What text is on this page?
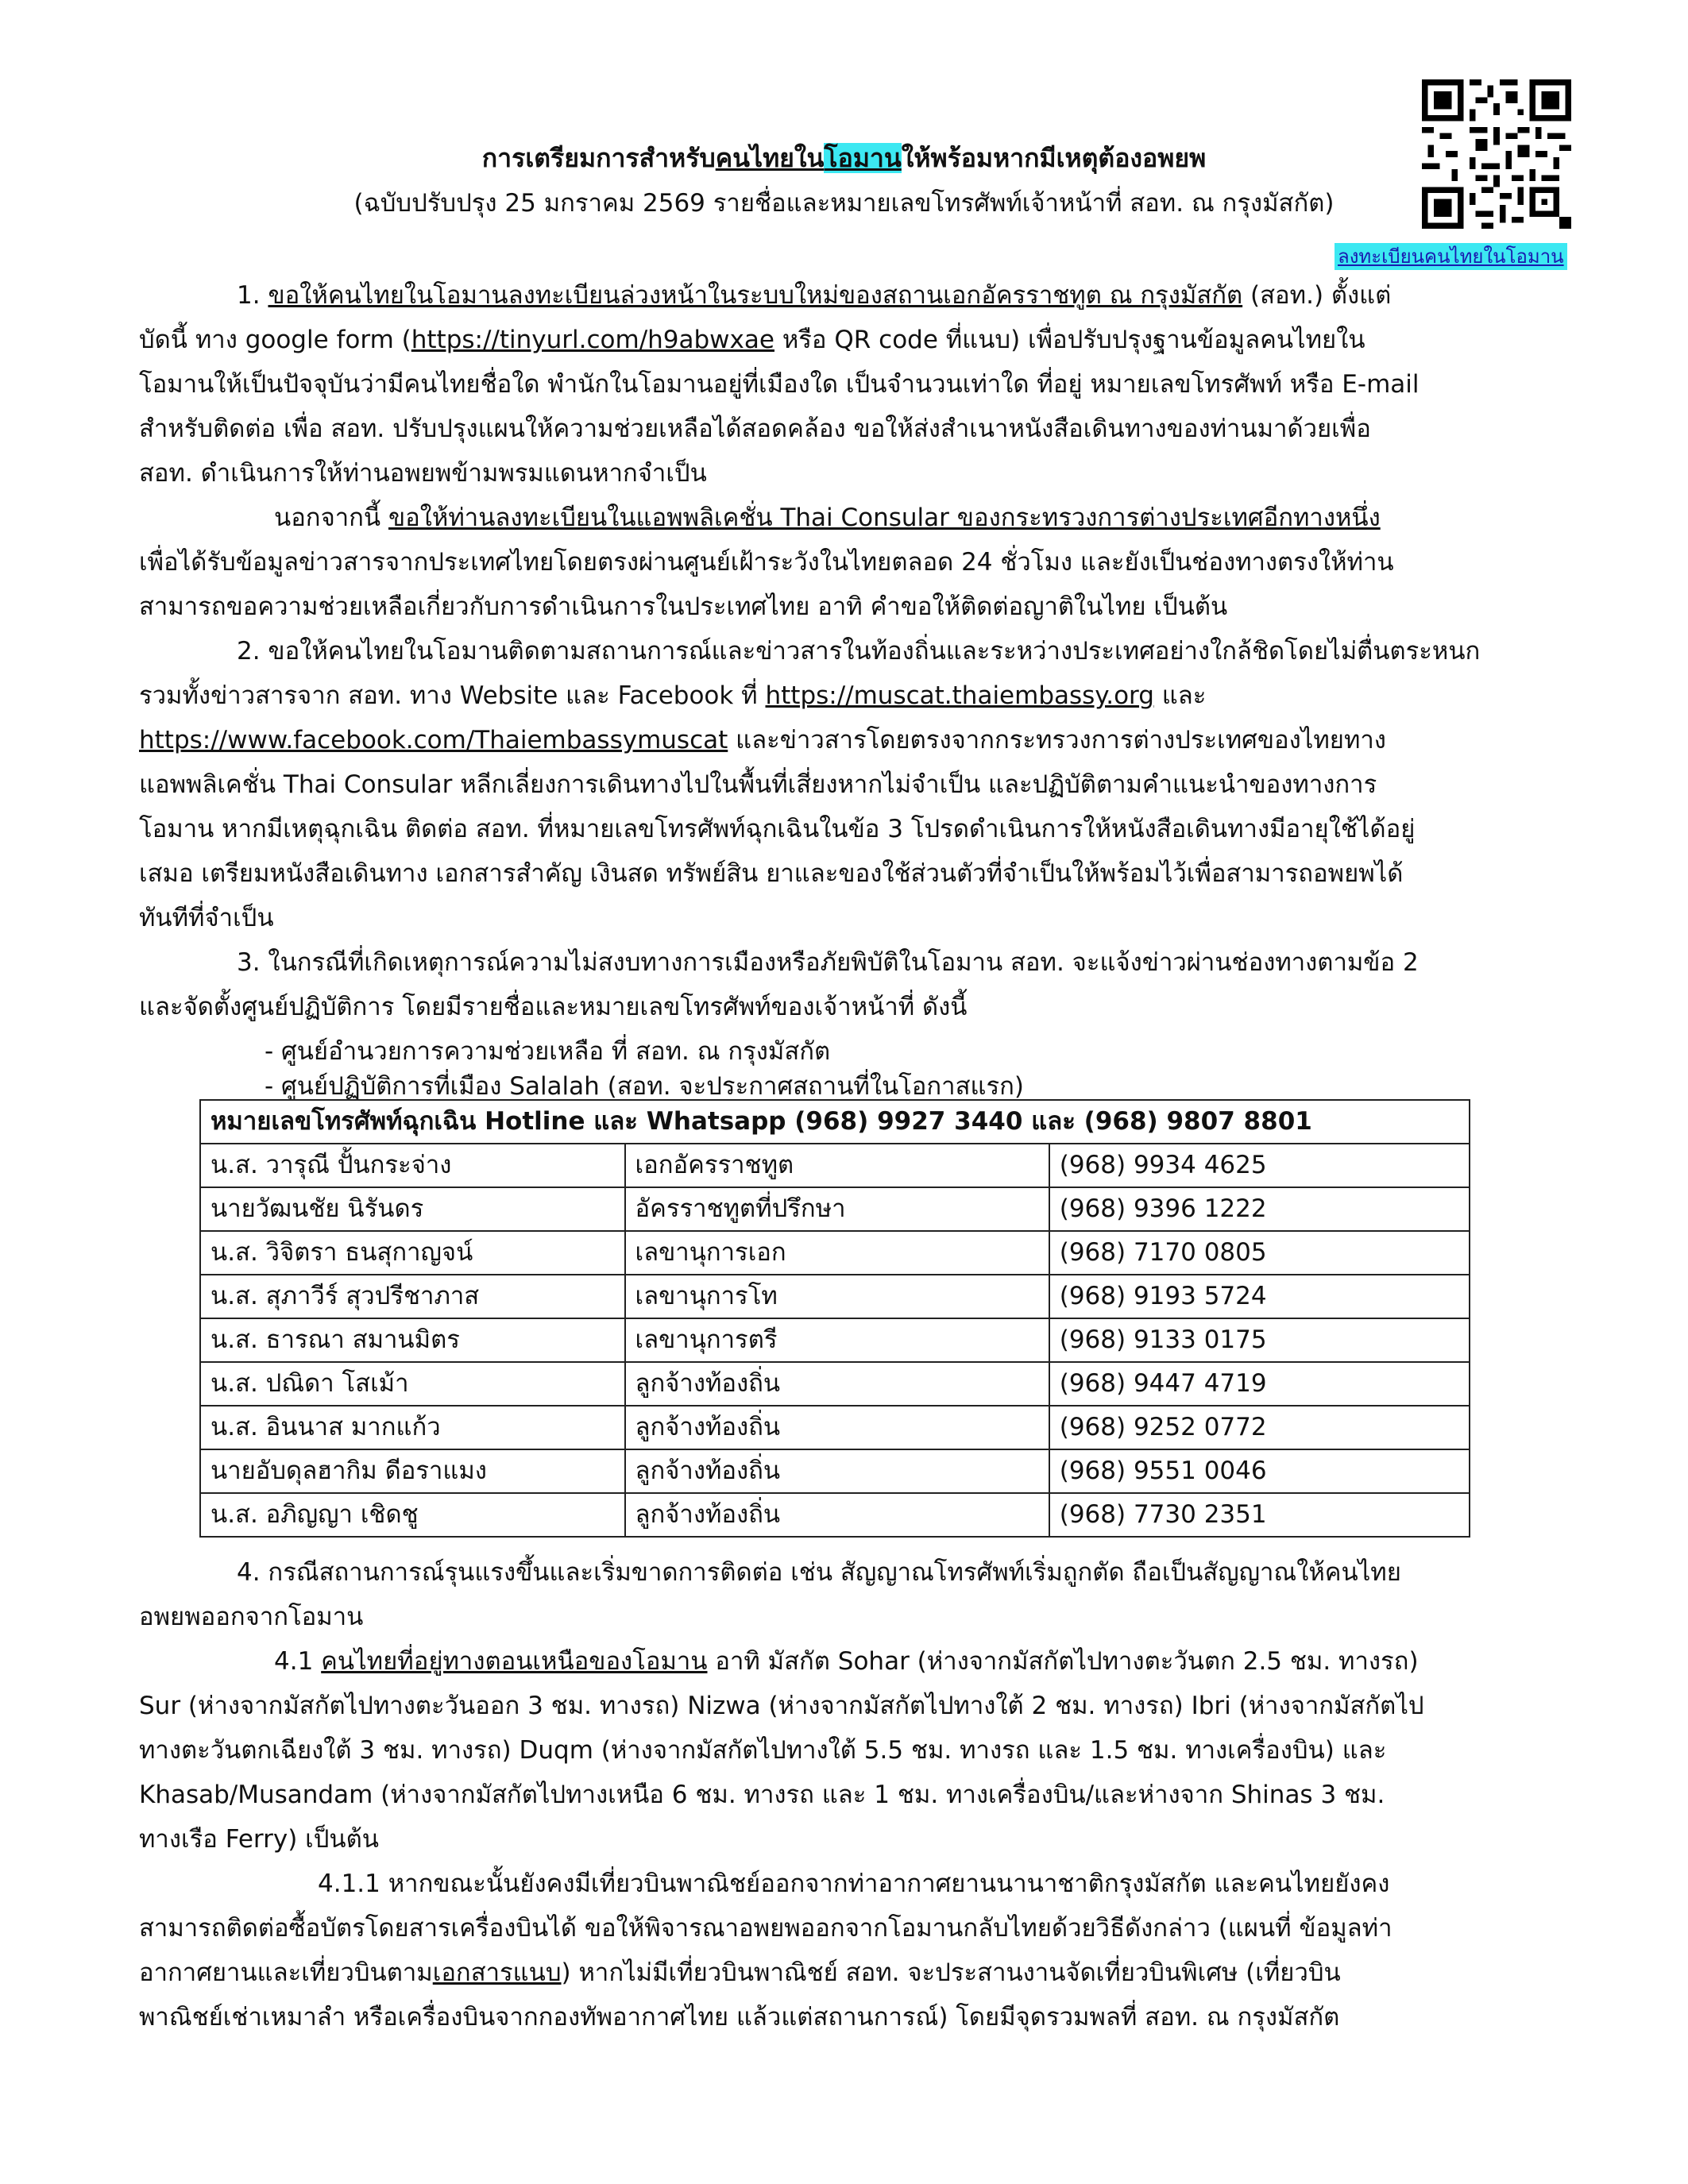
ลงทะเบียนคนไทยในโอมาน
การเตรียมการสำหรับคนไทยในโอมานให้พร้อมหากมีเหตุต้องอพยพ
(ฉบับปรับปรุง 25 มกราคม 2569 รายชื่อและหมายเลขโทรศัพท์เจ้าหน้าที่ สอท. ณ กรุงมัสกัต)
1. ขอให้คนไทยในโอมานลงทะเบียนล่วงหน้าในระบบใหม่ของสถานเอกอัครราชทูต ณ กรุงมัสกัต (สอท.) ตั้งแต่
บัดนี้ ทาง google form (https://tinyurl.com/h9abwxae หรือ QR code ที่แนบ) เพื่อปรับปรุงฐานข้อมูลคนไทยใน
โอมานให้เป็นปัจจุบันว่ามีคนไทยชื่อใด พำนักในโอมานอยู่ที่เมืองใด เป็นจำนวนเท่าใด ที่อยู่ หมายเลขโทรศัพท์ หรือ E-mail
สำหรับติดต่อ เพื่อ สอท. ปรับปรุงแผนให้ความช่วยเหลือได้สอดคล้อง ขอให้ส่งสำเนาหนังสือเดินทางของท่านมาด้วยเพื่อ
สอท. ดำเนินการให้ท่านอพยพข้ามพรมแดนหากจำเป็น
นอกจากนี้ ขอให้ท่านลงทะเบียนในแอพพลิเคชั่น Thai Consular ของกระทรวงการต่างประเทศอีกทางหนึ่ง
เพื่อได้รับข้อมูลข่าวสารจากประเทศไทยโดยตรงผ่านศูนย์เฝ้าระวังในไทยตลอด 24 ชั่วโมง และยังเป็นช่องทางตรงให้ท่าน
สามารถขอความช่วยเหลือเกี่ยวกับการดำเนินการในประเทศไทย อาทิ คำขอให้ติดต่อญาติในไทย เป็นต้น
2. ขอให้คนไทยในโอมานติดตามสถานการณ์และข่าวสารในท้องถิ่นและระหว่างประเทศอย่างใกล้ชิดโดยไม่ตื่นตระหนก
รวมทั้งข่าวสารจาก สอท. ทาง Website และ Facebook ที่ https://muscat.thaiembassy.org และ
https://www.facebook.com/Thaiembassymuscat และข่าวสารโดยตรงจากกระทรวงการต่างประเทศของไทยทาง
แอพพลิเคชั่น Thai Consular หลีกเลี่ยงการเดินทางไปในพื้นที่เสี่ยงหากไม่จำเป็น และปฏิบัติตามคำแนะนำของทางการ
โอมาน หากมีเหตุฉุกเฉิน ติดต่อ สอท. ที่หมายเลขโทรศัพท์ฉุกเฉินในข้อ 3 โปรดดำเนินการให้หนังสือเดินทางมีอายุใช้ได้อยู่
เสมอ เตรียมหนังสือเดินทาง เอกสารสำคัญ เงินสด ทรัพย์สิน ยาและของใช้ส่วนตัวที่จำเป็นให้พร้อมไว้เพื่อสามารถอพยพได้
ทันทีที่จำเป็น
3. ในกรณีที่เกิดเหตุการณ์ความไม่สงบทางการเมืองหรือภัยพิบัติในโอมาน สอท. จะแจ้งข่าวผ่านช่องทางตามข้อ 2
และจัดตั้งศูนย์ปฏิบัติการ โดยมีรายชื่อและหมายเลขโทรศัพท์ของเจ้าหน้าที่ ดังนี้
- ศูนย์อำนวยการความช่วยเหลือ ที่ สอท. ณ กรุงมัสกัต
- ศูนย์ปฏิบัติการที่เมือง Salalah (สอท. จะประกาศสถานที่ในโอกาสแรก)
4. กรณีสถานการณ์รุนแรงขึ้นและเริ่มขาดการติดต่อ เช่น สัญญาณโทรศัพท์เริ่มถูกตัด ถือเป็นสัญญาณให้คนไทย
อพยพออกจากโอมาน
4.1 คนไทยที่อยู่ทางตอนเหนือของโอมาน อาทิ มัสกัต Sohar (ห่างจากมัสกัตไปทางตะวันตก 2.5 ชม. ทางรถ)
Sur (ห่างจากมัสกัตไปทางตะวันออก 3 ชม. ทางรถ) Nizwa (ห่างจากมัสกัตไปทางใต้ 2 ชม. ทางรถ) Ibri (ห่างจากมัสกัตไป
ทางตะวันตกเฉียงใต้ 3 ชม. ทางรถ) Duqm (ห่างจากมัสกัตไปทางใต้ 5.5 ชม. ทางรถ และ 1.5 ชม. ทางเครื่องบิน) และ
Khasab/Musandam (ห่างจากมัสกัตไปทางเหนือ 6 ชม. ทางรถ และ 1 ชม. ทางเครื่องบิน/และห่างจาก Shinas 3 ชม.
ทางเรือ Ferry) เป็นต้น
4.1.1 หากขณะนั้นยังคงมีเที่ยวบินพาณิชย์ออกจากท่าอากาศยานนานาชาติกรุงมัสกัต และคนไทยยังคง
สามารถติดต่อซื้อบัตรโดยสารเครื่องบินได้ ขอให้พิจารณาอพยพออกจากโอมานกลับไทยด้วยวิธีดังกล่าว (แผนที่ ข้อมูลท่า
อากาศยานและเที่ยวบินตามเอกสารแนบ) หากไม่มีเที่ยวบินพาณิชย์ สอท. จะประสานงานจัดเที่ยวบินพิเศษ (เที่ยวบิน
พาณิชย์เช่าเหมาลำ หรือเครื่องบินจากกองทัพอากาศไทย แล้วแต่สถานการณ์) โดยมีจุดรวมพลที่ สอท. ณ กรุงมัสกัต
หมายเลขโทรศัพท์ฉุกเฉิน Hotline และ Whatsapp (968) 9927 3440 และ (968) 9807 8801		
น.ส. วารุณี ปั้นกระจ่าง	เอกอัครราชทูต	(968) 9934 4625
นายวัฒนชัย นิรันดร	อัครราชทูตที่ปรึกษา	(968) 9396 1222
น.ส. วิจิตรา ธนสุกาญจน์	เลขานุการเอก	(968) 7170 0805
น.ส. สุภาวีร์ สุวปรีชาภาส	เลขานุการโท	(968) 9193 5724
น.ส. ธารณา สมานมิตร	เลขานุการตรี	(968) 9133 0175
น.ส. ปณิดา โสเม้า	ลูกจ้างท้องถิ่น	(968) 9447 4719
น.ส. อินนาส มากแก้ว	ลูกจ้างท้องถิ่น	(968) 9252 0772
นายอับดุลฮากิม ดีอราแมง	ลูกจ้างท้องถิ่น	(968) 9551 0046
น.ส. อภิญญา เชิดชู	ลูกจ้างท้องถิ่น	(968) 7730 2351
